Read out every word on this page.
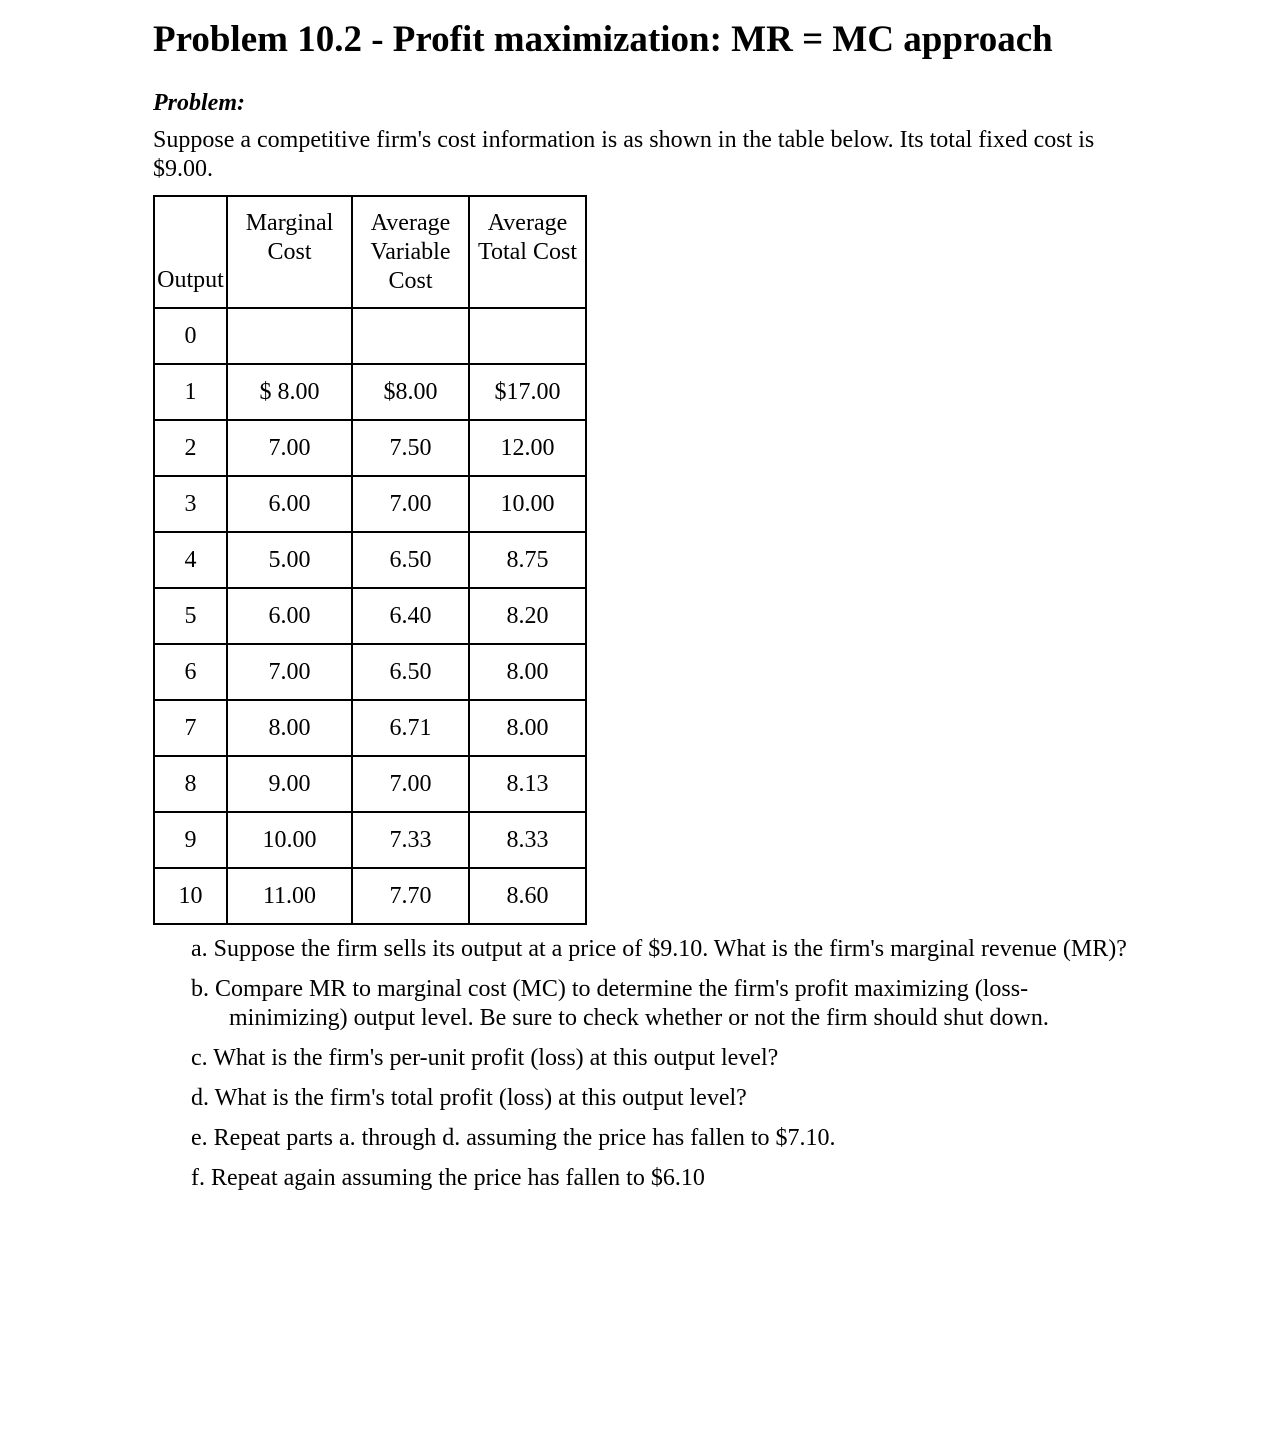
Problem 10.2 - Profit maximization: MR = MC approach
Problem:

Suppose a competitive firm's cost information is as shown in the table below. Its total fixed cost is $9.00.

Output	Marginal Cost	Average Variable Cost	Average Total Cost
0			
1	$ 8.00	$8.00	$17.00
2	7.00	7.50	12.00
3	6.00	7.00	10.00
4	5.00	6.50	8.75
5	6.00	6.40	8.20
6	7.00	6.50	8.00
7	8.00	6.71	8.00
8	9.00	7.00	8.13
9	10.00	7.33	8.33
10	11.00	7.70	8.60
a. Suppose the firm sells its output at a price of $9.10. What is the firm's marginal revenue (MR)?
b. Compare MR to marginal cost (MC) to determine the firm's profit maximizing (loss-minimizing) output level. Be sure to check whether or not the firm should shut down.
c. What is the firm's per-unit profit (loss) at this output level?
d. What is the firm's total profit (loss) at this output level?
e. Repeat parts a. through d. assuming the price has fallen to $7.10.
f. Repeat again assuming the price has fallen to $6.10
